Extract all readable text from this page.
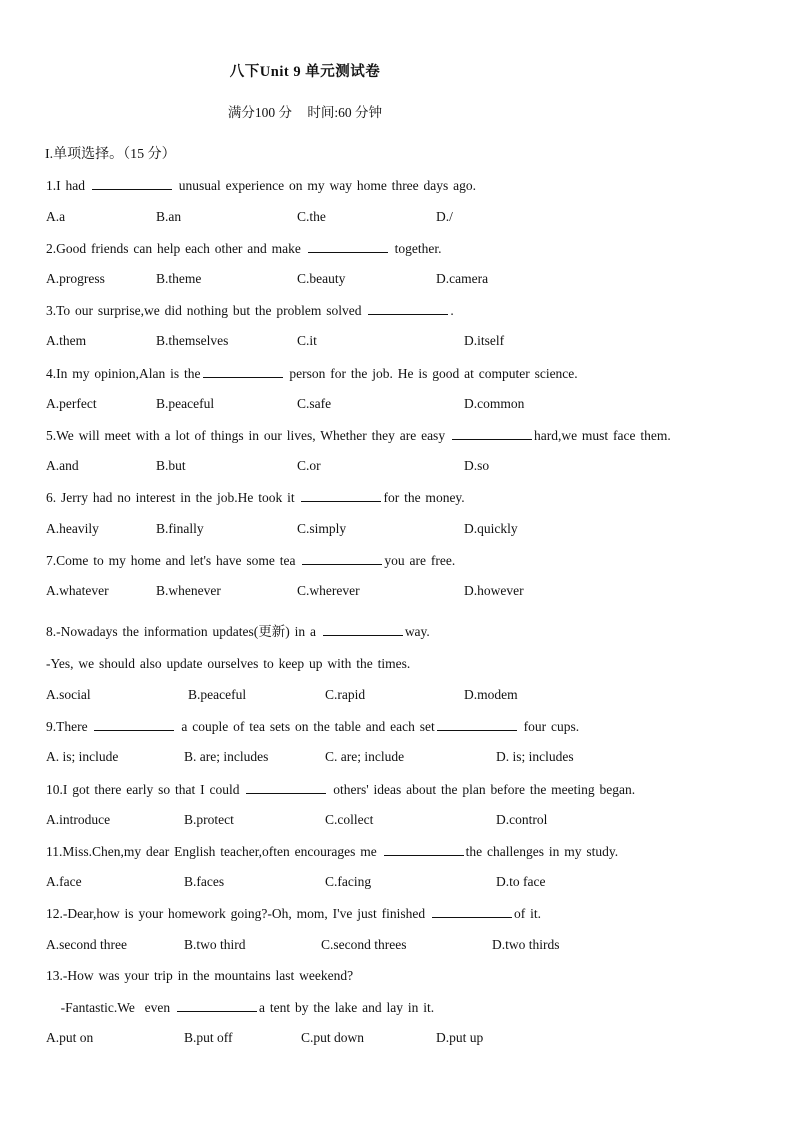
八下Unit 9 单元测试卷
满分100 分 时间:60 分钟
I.单项选择。（15 分）
1.I had	unusual experience on my way home three days ago.
A.a	B.an	C.the	D./
2.Good friends can help each other and make	together.
A.progress	B.theme	C.beauty	D.camera
3.To our surprise,we did nothing but the problem solved	.
A.them	B.themselves	C.it	D.itself
4.In my opinion,Alan is the	person for the job. He is good at computer science.
A.perfect	B.peaceful	C.safe	D.common
5.We will meet with a lot of things in our lives, Whether they are easy	hard,we must face them.
A.and	B.but	C.or	D.so
6. Jerry had no interest in the job.He took it	for the money.
A.heavily	B.finally	C.simply	D.quickly
7.Come to my home and let's have some tea	you are free.
A.whatever	B.whenever	C.wherever	D.however
8.-Nowadays the information updates(更新) in a	way.
-Yes, we should also update ourselves to keep up with the times.
A.social	B.peaceful	C.rapid	D.modem
9.There	a couple of tea sets on the table and each set	four cups.
A. is; include	B. are; includes	C. are; include	D. is; includes
10.I got there early so that I could	others' ideas about the plan before the meeting began.
A.introduce	B.protect	C.collect	D.control
11.Miss.Chen,my dear English teacher,often encourages me	the challenges in my study.
A.face	B.faces	C.facing	D.to face
12.-Dear,how is your homework going?-Oh, mom, I've just finished	of it.
A.second three	B.two third	C.second threes	D.two thirds
13.-How was your trip in the mountains last weekend?
-Fantastic.We  even	a tent by the lake and lay in it.
A.put on	B.put off	C.put down	D.put up
